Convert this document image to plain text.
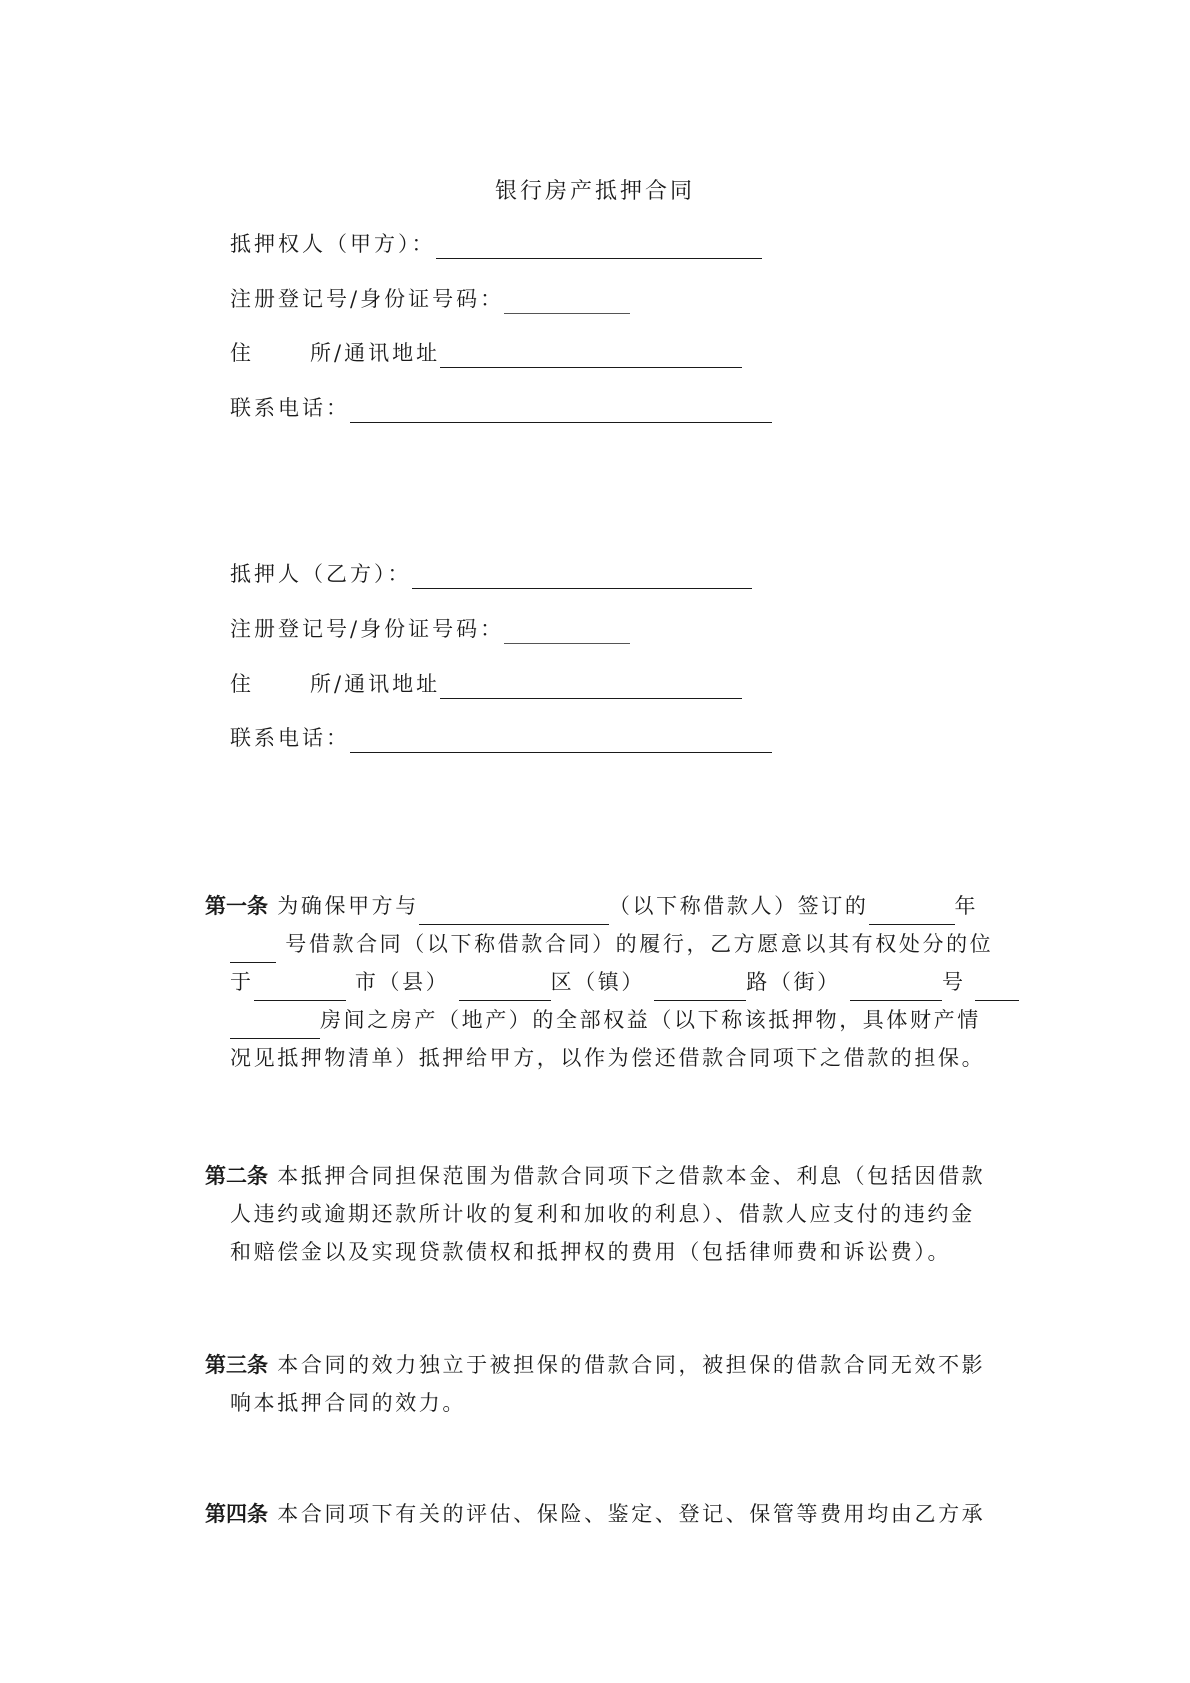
银行房产抵押合同
抵押权人（甲方）：
注册登记号/身份证号码：
住	所/通讯地址
联系电话：
抵押人（乙方）：
注册登记号/身份证号码：
住	所/通讯地址
联系电话：
第一条 为确保甲方与	（以下称借款人）签订的	年
号借款合同（以下称借款合同）的履行，乙方愿意以其有权处分的位
于	市（县）	区（镇）	路（街）	号
房间之房产（地产）的全部权益（以下称该抵押物，具体财产情
况见抵押物清单）抵押给甲方，以作为偿还借款合同项下之借款的担保。
第二条 本抵押合同担保范围为借款合同项下之借款本金、利息（包括因借款
人违约或逾期还款所计收的复利和加收的利息）、借款人应支付的违约金
和赔偿金以及实现贷款债权和抵押权的费用（包括律师费和诉讼费）。
第三条 本合同的效力独立于被担保的借款合同，被担保的借款合同无效不影
响本抵押合同的效力。
第四条 本合同项下有关的评估、保险、鉴定、登记、保管等费用均由乙方承
